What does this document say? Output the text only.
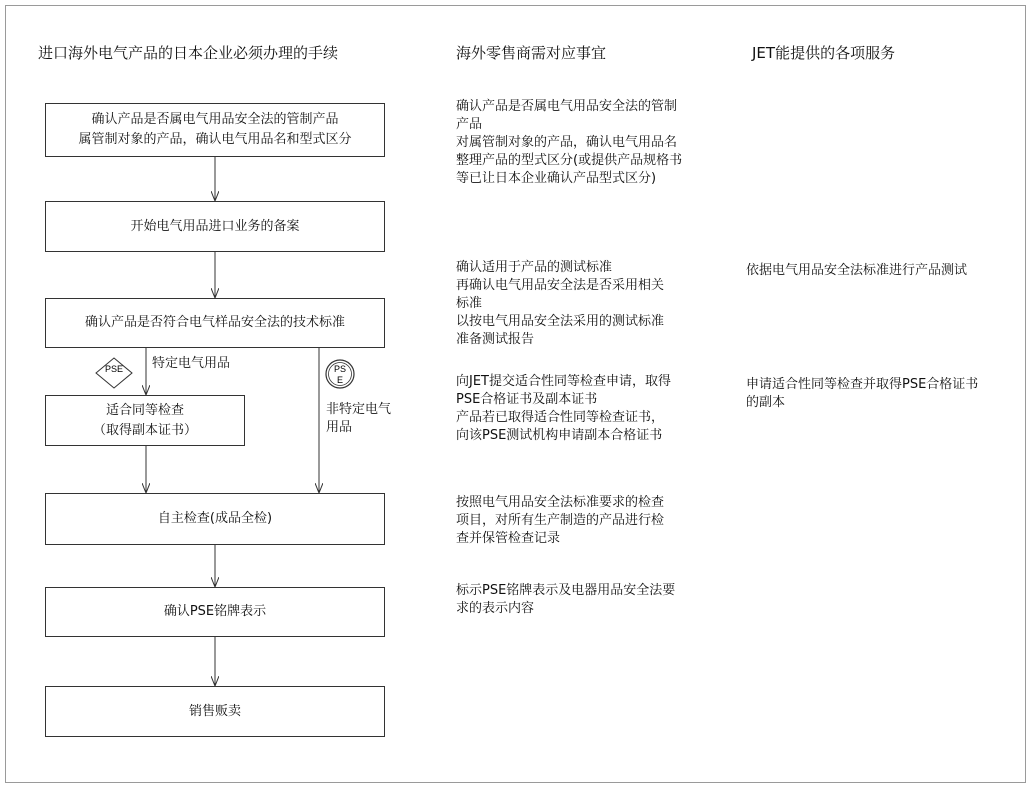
进口海外电气产品的日本企业必须办理的手续	海外零售商需对应事宜	JET能提供的各项服务
确认产品是否属电气用品安全法的管制产品
属管制对象的产品，确认电气用品名和型式区分
开始电气用品进口业务的备案
确认产品是否符合电气样品安全法的技术标准
适合同等检查
（取得副本证书）
自主检查(成品全检)
确认PSE铭牌表示
销售贩卖
PSE	PS
E
特定电气用品
非特定电气
用品
确认产品是否属电气用品安全法的管制
产品
对属管制对象的产品，确认电气用品名
整理产品的型式区分(或提供产品规格书
等已让日本企业确认产品型式区分)
确认适用于产品的测试标准
再确认电气用品安全法是否采用相关
标准
以按电气用品安全法采用的测试标准
准备测试报告
向JET提交适合性同等检查申请，取得
PSE合格证书及副本证书
产品若已取得适合性同等检查证书，
向该PSE测试机构申请副本合格证书
按照电气用品安全法标准要求的检查
项目，对所有生产制造的产品进行检
查并保管检查记录
标示PSE铭牌表示及电器用品安全法要
求的表示内容
依据电气用品安全法标准进行产品测试
申请适合性同等检查并取得PSE合格证书
的副本
